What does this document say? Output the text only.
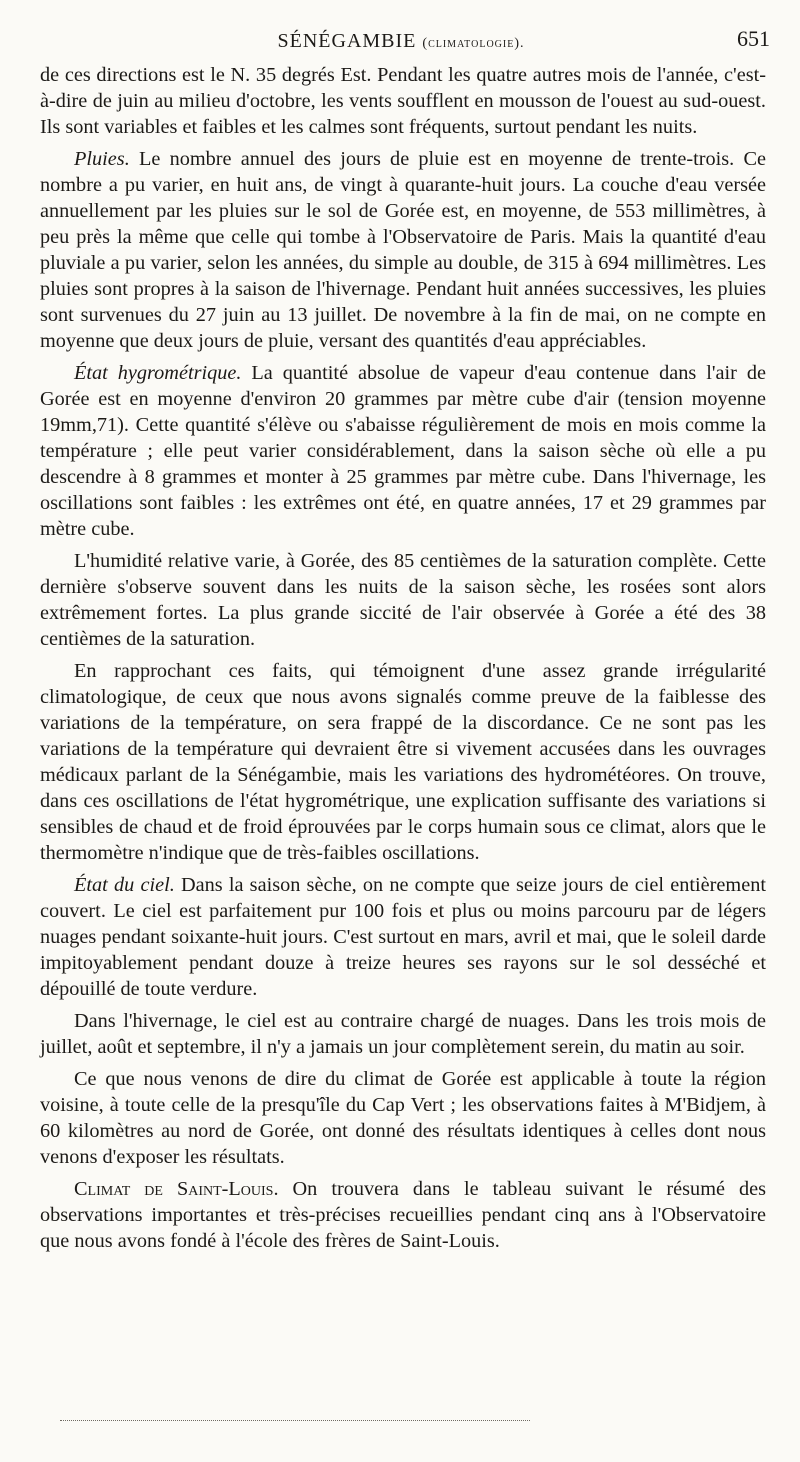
SÉNÉGAMBIE (climatologie).	651

de ces directions est le N. 35 degrés Est. Pendant les quatre autres mois de l'année, c'est-à-dire de juin au milieu d'octobre, les vents soufflent en mousson de l'ouest au sud-ouest. Ils sont variables et faibles et les calmes sont fréquents, surtout pendant les nuits.

Pluies. Le nombre annuel des jours de pluie est en moyenne de trente-trois. Ce nombre a pu varier, en huit ans, de vingt à quarante-huit jours. La couche d'eau versée annuellement par les pluies sur le sol de Gorée est, en moyenne, de 553 millimètres, à peu près la même que celle qui tombe à l'Observatoire de Paris. Mais la quantité d'eau pluviale a pu varier, selon les années, du simple au double, de 315 à 694 millimètres. Les pluies sont propres à la saison de l'hivernage. Pendant huit années successives, les pluies sont survenues du 27 juin au 13 juillet. De novembre à la fin de mai, on ne compte en moyenne que deux jours de pluie, versant des quantités d'eau appréciables.

État hygrométrique. La quantité absolue de vapeur d'eau contenue dans l'air de Gorée est en moyenne d'environ 20 grammes par mètre cube d'air (tension moyenne 19mm,71). Cette quantité s'élève ou s'abaisse régulièrement de mois en mois comme la température ; elle peut varier considérablement, dans la saison sèche où elle a pu descendre à 8 grammes et monter à 25 grammes par mètre cube. Dans l'hivernage, les oscillations sont faibles : les extrêmes ont été, en quatre années, 17 et 29 grammes par mètre cube.

L'humidité relative varie, à Gorée, des 85 centièmes de la saturation complète. Cette dernière s'observe souvent dans les nuits de la saison sèche, les rosées sont alors extrêmement fortes. La plus grande siccité de l'air observée à Gorée a été des 38 centièmes de la saturation.

En rapprochant ces faits, qui témoignent d'une assez grande irrégularité climatologique, de ceux que nous avons signalés comme preuve de la faiblesse des variations de la température, on sera frappé de la discordance. Ce ne sont pas les variations de la température qui devraient être si vivement accusées dans les ouvrages médicaux parlant de la Sénégambie, mais les variations des hydrométéores. On trouve, dans ces oscillations de l'état hygrométrique, une explication suffisante des variations si sensibles de chaud et de froid éprouvées par le corps humain sous ce climat, alors que le thermomètre n'indique que de très-faibles oscillations.

État du ciel. Dans la saison sèche, on ne compte que seize jours de ciel entièrement couvert. Le ciel est parfaitement pur 100 fois et plus ou moins parcouru par de légers nuages pendant soixante-huit jours. C'est surtout en mars, avril et mai, que le soleil darde impitoyablement pendant douze à treize heures ses rayons sur le sol desséché et dépouillé de toute verdure.

Dans l'hivernage, le ciel est au contraire chargé de nuages. Dans les trois mois de juillet, août et septembre, il n'y a jamais un jour complètement serein, du matin au soir.

Ce que nous venons de dire du climat de Gorée est applicable à toute la région voisine, à toute celle de la presqu'île du Cap Vert ; les observations faites à M'Bidjem, à 60 kilomètres au nord de Gorée, ont donné des résultats identiques à celles dont nous venons d'exposer les résultats.

Climat de Saint-Louis. On trouvera dans le tableau suivant le résumé des observations importantes et très-précises recueillies pendant cinq ans à l'Observatoire que nous avons fondé à l'école des frères de Saint-Louis.
